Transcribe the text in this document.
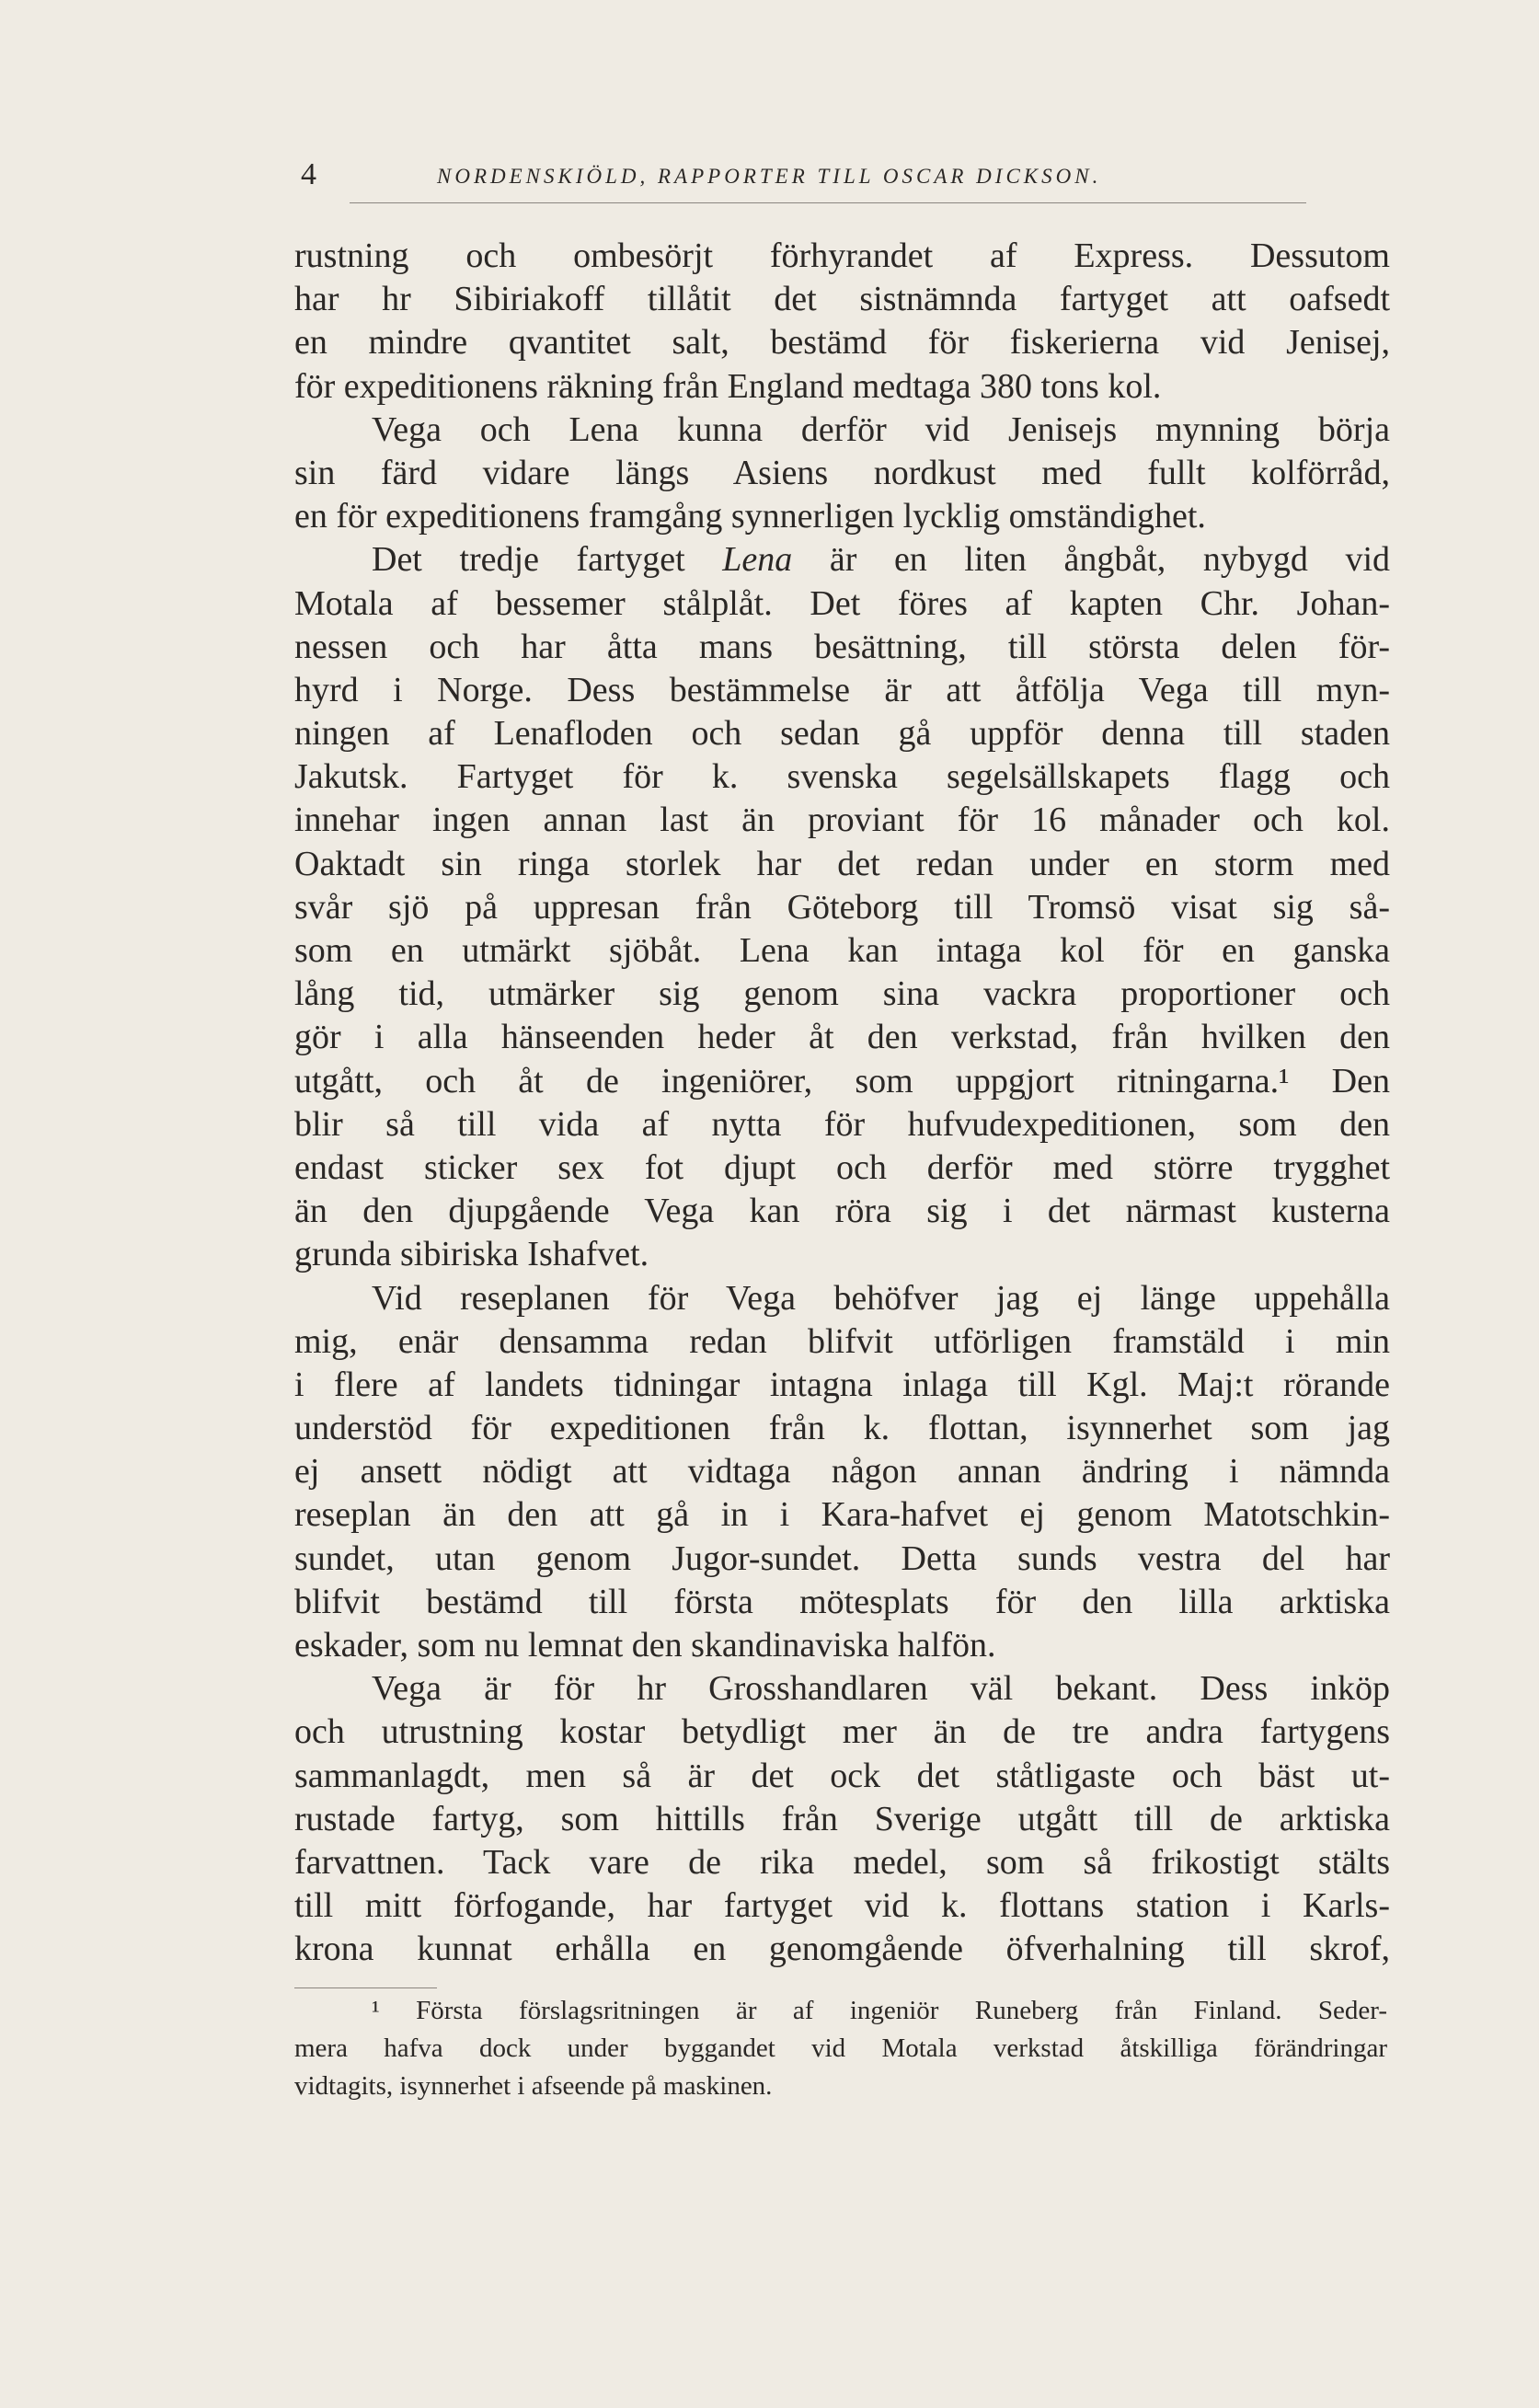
4	NORDENSKIÖLD, RAPPORTER TILL OSCAR DICKSON.
rustning och ombesörjt förhyrandet af Express. Dessutom
har hr Sibiriakoff tillåtit det sistnämnda fartyget att oafsedt
en mindre qvantitet salt, bestämd för fiskerierna vid Jenisej,
för expeditionens räkning från England medtaga 380 tons kol.
Vega och Lena kunna derför vid Jenisejs mynning börja
sin färd vidare längs Asiens nordkust med fullt kolförråd,
en för expeditionens framgång synnerligen lycklig omständighet.
Det tredje fartyget Lena är en liten ångbåt, nybygd vid
Motala af bessemer stålplåt. Det föres af kapten Chr. Johan-
nessen och har åtta mans besättning, till största delen för-
hyrd i Norge. Dess bestämmelse är att åtfölja Vega till myn-
ningen af Lenafloden och sedan gå uppför denna till staden
Jakutsk. Fartyget för k. svenska segelsällskapets flagg och
innehar ingen annan last än proviant för 16 månader och kol.
Oaktadt sin ringa storlek har det redan under en storm med
svår sjö på uppresan från Göteborg till Tromsö visat sig så-
som en utmärkt sjöbåt. Lena kan intaga kol för en ganska
lång tid, utmärker sig genom sina vackra proportioner och
gör i alla hänseenden heder åt den verkstad, från hvilken den
utgått, och åt de ingeniörer, som uppgjort ritningarna.¹ Den
blir så till vida af nytta för hufvudexpeditionen, som den
endast sticker sex fot djupt och derför med större trygghet
än den djupgående Vega kan röra sig i det närmast kusterna
grunda sibiriska Ishafvet.
Vid reseplanen för Vega behöfver jag ej länge uppehålla
mig, enär densamma redan blifvit utförligen framstäld i min
i flere af landets tidningar intagna inlaga till Kgl. Maj:t rörande
understöd för expeditionen från k. flottan, isynnerhet som jag
ej ansett nödigt att vidtaga någon annan ändring i nämnda
reseplan än den att gå in i Kara-hafvet ej genom Matotschkin-
sundet, utan genom Jugor-sundet. Detta sunds vestra del har
blifvit bestämd till första mötesplats för den lilla arktiska
eskader, som nu lemnat den skandinaviska halfön.
Vega är för hr Grosshandlaren väl bekant. Dess inköp
och utrustning kostar betydligt mer än de tre andra fartygens
sammanlagdt, men så är det ock det ståtligaste och bäst ut-
rustade fartyg, som hittills från Sverige utgått till de arktiska
farvattnen. Tack vare de rika medel, som så frikostigt stälts
till mitt förfogande, har fartyget vid k. flottans station i Karls-
krona kunnat erhålla en genomgående öfverhalning till skrof,
¹ Första förslagsritningen är af ingeniör Runeberg från Finland. Seder-
mera hafva dock under byggandet vid Motala verkstad åtskilliga förändringar
vidtagits, isynnerhet i afseende på maskinen.
